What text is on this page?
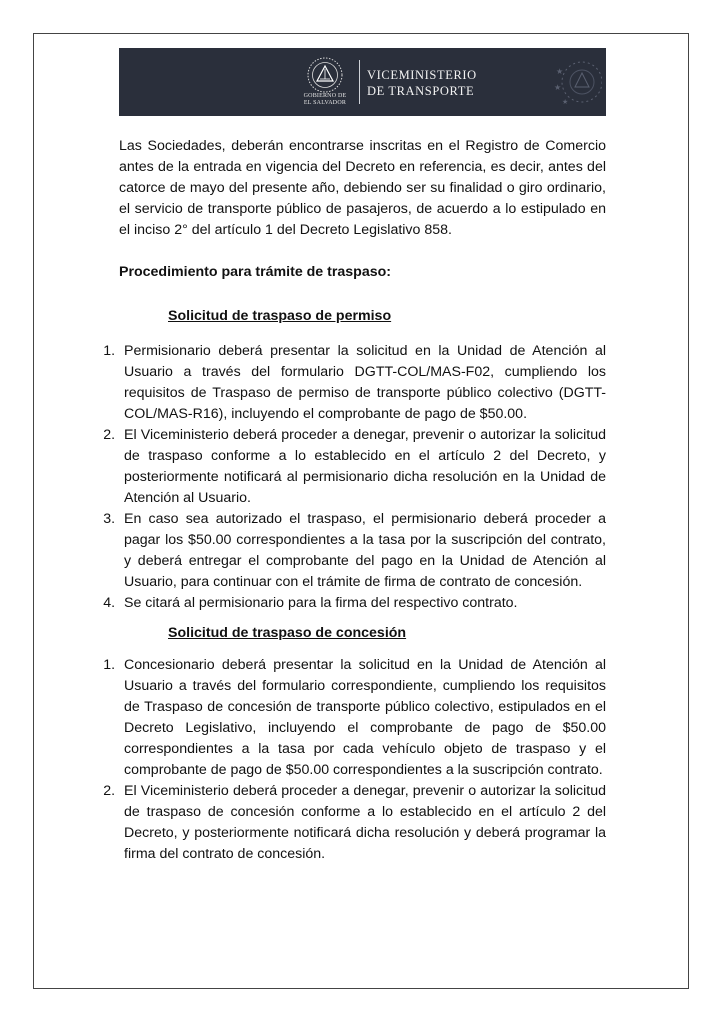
GOBIERNO DE
EL SALVADOR
VICEMINISTERIO
DE TRANSPORTE
★
★
★

Las Sociedades, deberán encontrarse inscritas en el Registro de Comercio antes de la entrada en vigencia del Decreto en referencia, es decir, antes del catorce de mayo del presente año, debiendo ser su finalidad o giro ordinario, el servicio de transporte público de pasajeros, de acuerdo a lo estipulado en el inciso 2° del artículo 1 del Decreto Legislativo 858.

Procedimiento para trámite de traspaso:

Solicitud de traspaso de permiso

1. Permisionario deberá presentar la solicitud en la Unidad de Atención al Usuario a través del formulario DGTT-COL/MAS-F02, cumpliendo los requisitos de Traspaso de permiso de transporte público colectivo (DGTT-COL/MAS-R16), incluyendo el comprobante de pago de $50.00.
2. El Viceministerio deberá proceder a denegar, prevenir o autorizar la solicitud de traspaso conforme a lo establecido en el artículo 2 del Decreto, y posteriormente notificará al permisionario dicha resolución en la Unidad de Atención al Usuario.
3. En caso sea autorizado el traspaso, el permisionario deberá proceder a pagar los $50.00 correspondientes a la tasa por la suscripción del contrato, y deberá entregar el comprobante del pago en la Unidad de Atención al Usuario, para continuar con el trámite de firma de contrato de concesión.
4. Se citará al permisionario para la firma del respectivo contrato.

Solicitud de traspaso de concesión

1. Concesionario deberá presentar la solicitud en la Unidad de Atención al Usuario a través del formulario correspondiente, cumpliendo los requisitos de Traspaso de concesión de transporte público colectivo, estipulados en el Decreto Legislativo, incluyendo el comprobante de pago de $50.00 correspondientes a la tasa por cada vehículo objeto de traspaso y el comprobante de pago de $50.00 correspondientes a la suscripción contrato.
2. El Viceministerio deberá proceder a denegar, prevenir o autorizar la solicitud de traspaso de concesión conforme a lo establecido en el artículo 2 del Decreto, y posteriormente notificará dicha resolución y deberá programar la firma del contrato de concesión.
